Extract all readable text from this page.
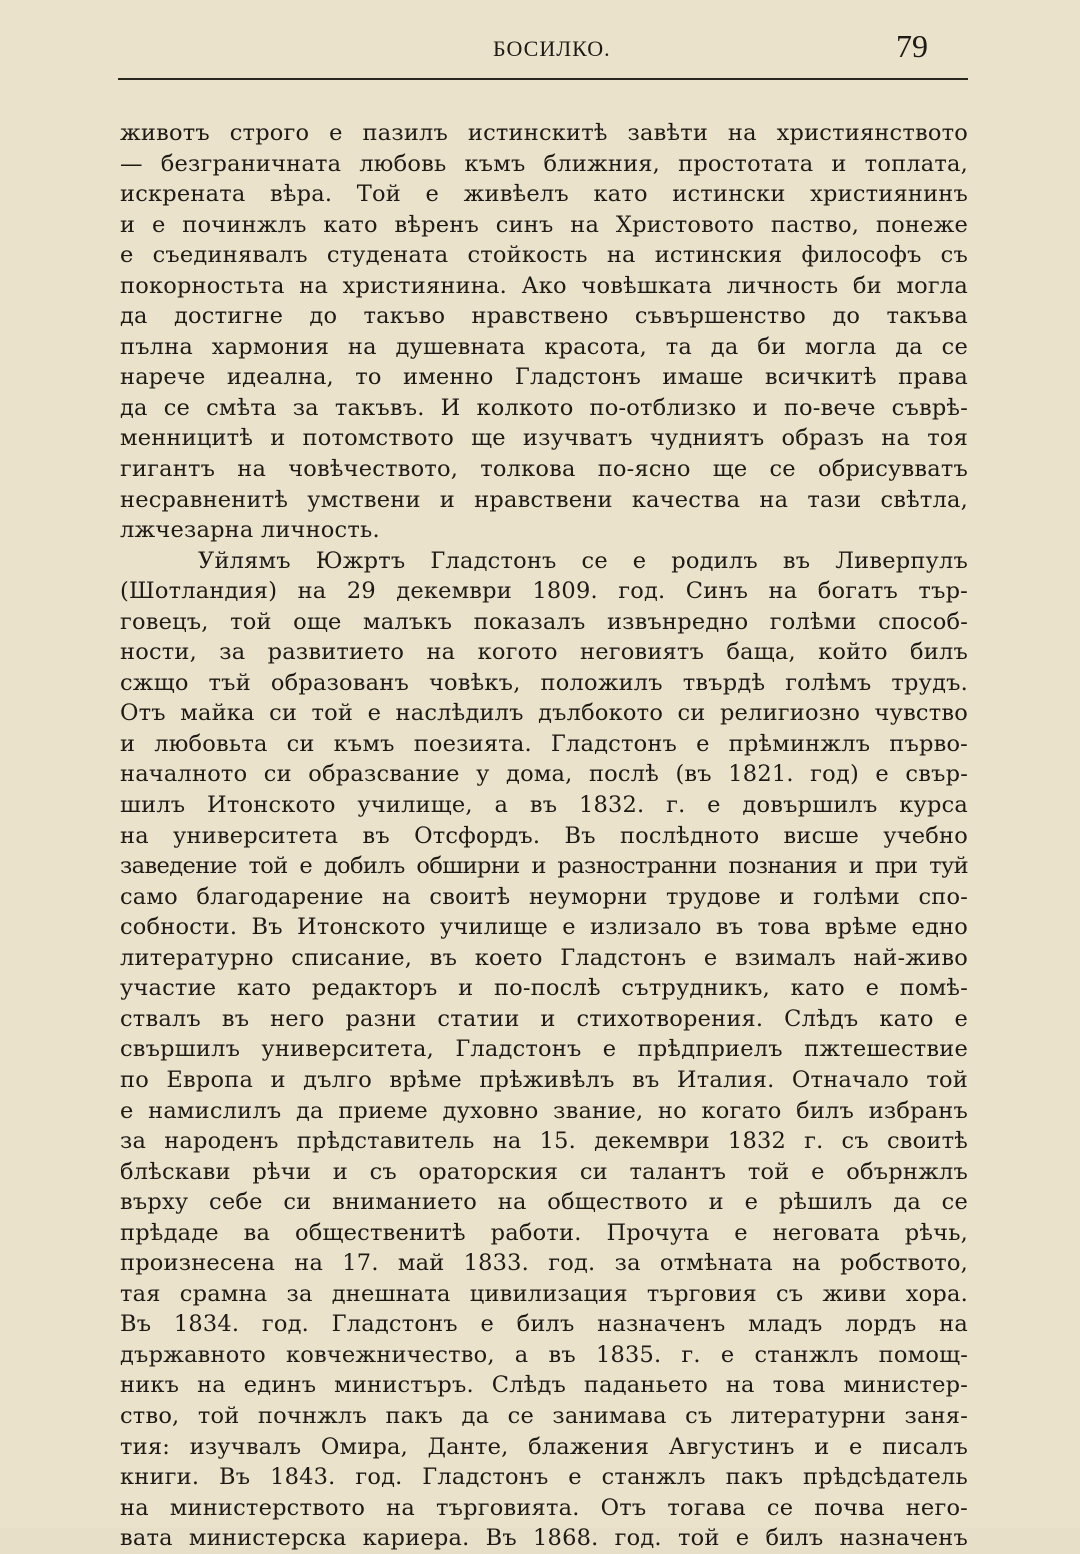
БОСИЛКО.	79
животъ строго е пазилъ истинскитѣ завѣти на християнството
— безграничната любовь къмъ ближния, простотата и топлата,
искрената вѣра. Той е живѣелъ като истински християнинъ
и е починжлъ като вѣренъ синъ на Христовото паство, понеже
е съединявалъ студената стойкость на истинския философъ съ
покорностьта на християнина. Ако човѣшката личность би могла
да достигне до такъво нравствено съвършенство до такъва
пълна хармония на душевната красота, та да би могла да се
нарече идеална, то именно Гладстонъ имаше всичкитѣ права
да се смѣта за такъвъ. И колкото по-отблизко и по-вече съврѣ-
менницитѣ и потомството ще изучватъ чудниятъ образъ на тоя
гигантъ на човѣчеството, толкова по-ясно ще се обрисувватъ
несравненитѣ умствени и нравствени качества на тази свѣтла,
лжчезарна личность.
Уйлямъ Южртъ Гладстонъ се е родилъ въ Ливерпулъ
(Шотландия) на 29 декември 1809. год. Синъ на богатъ тър-
говецъ, той още малъкъ показалъ извънредно голѣми способ-
ности, за развитието на когото неговиятъ баща, който билъ
сжщо тъй образованъ човѣкъ, положилъ твърдѣ голѣмъ трудъ.
Отъ майка си той е наслѣдилъ дълбокото си религиозно чувство
и любовьта си къмъ поезията. Гладстонъ е прѣминжлъ първо-
началното си образсвание у дома, послѣ (въ 1821. год) е свър-
шилъ Итонското училище, а въ 1832. г. е довършилъ курса
на университета въ Отсфордъ. Въ послѣдното висше учебно
заведение той е добилъ обширни и разностранни познания и при туй
само благодарение на своитѣ неуморни трудове и голѣми спо-
собности. Въ Итонското училище е излизало въ това врѣме едно
литературно списание, въ което Гладстонъ е взималъ най-живо
участие като редакторъ и по-послѣ сътрудникъ, като е помѣ-
ствалъ въ него разни статии и стихотворения. Слѣдъ като е
свършилъ университета, Гладстонъ е прѣдприелъ пжтешествие
по Европа и дълго врѣме прѣживѣлъ въ Италия. Отначало той
е намислилъ да приеме духовно звание, но когато билъ избранъ
за народенъ прѣдставитель на 15. декември 1832 г. съ своитѣ
блѣскави рѣчи и съ ораторския си талантъ той е обърнжлъ
върху себе си вниманието на обществото и е рѣшилъ да се
прѣдаде ва общественитѣ работи. Прочута е неговата рѣчь,
произнесена на 17. май 1833. год. за отмѣната на робството,
тая срамна за днешната цивилизация търговия съ живи хора.
Въ 1834. год. Гладстонъ е билъ назначенъ младъ лордъ на
държавното ковчежничество, а въ 1835. г. е станжлъ помощ-
никъ на единъ министъръ. Слѣдъ паданьето на това министер-
ство, той почнжлъ пакъ да се занимава съ литературни заня-
тия: изучвалъ Омира, Данте, блажения Августинъ и е писалъ
книги. Въ 1843. год. Гладстонъ е станжлъ пакъ прѣдсѣдатель
на министерството на търговията. Отъ тогава се почва него-
вата министерска кариера. Въ 1868. год. той е билъ назначенъ
